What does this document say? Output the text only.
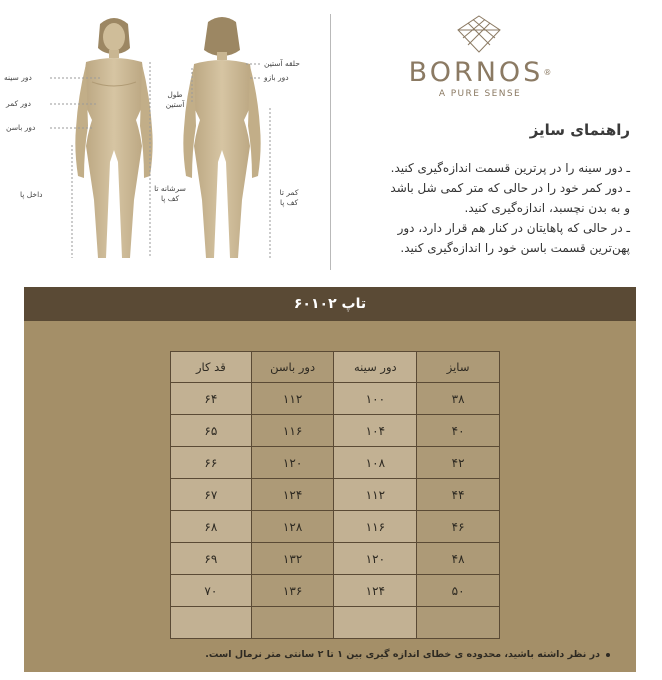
دور سینه
دور کمر
دور باسن
داخل پا
سرشانه تا کف پا
حلقه آستین
دور بازو
طول آستین
کمر تا کف پا
BORNOS®
A PURE SENSE
راهنمای سایز
ـ دور سینه را در پرترین قسمت اندازه‌گیری کنید.
ـ دور کمر خود را در حالی که متر کمی شل باشد
و به بدن نچسبد، اندازه‌گیری کنید.
ـ در حالی که پاهایتان در کنار هم قرار دارد، دور
پهن‌ترین قسمت باسن خود را اندازه‌گیری کنید.
تاپ ۶۰۱۰۲
قد کار	دور باسن	دور سینه	سایز
۶۴	۱۱۲	۱۰۰	۳۸
۶۵	۱۱۶	۱۰۴	۴۰
۶۶	۱۲۰	۱۰۸	۴۲
۶۷	۱۲۴	۱۱۲	۴۴
۶۸	۱۲۸	۱۱۶	۴۶
۶۹	۱۳۲	۱۲۰	۴۸
۷۰	۱۳۶	۱۲۴	۵۰

در نظر داشته باشید، محدوده ی خطای اندازه گیری بین ۱ تا ۲ سانتی متر نرمال است.
